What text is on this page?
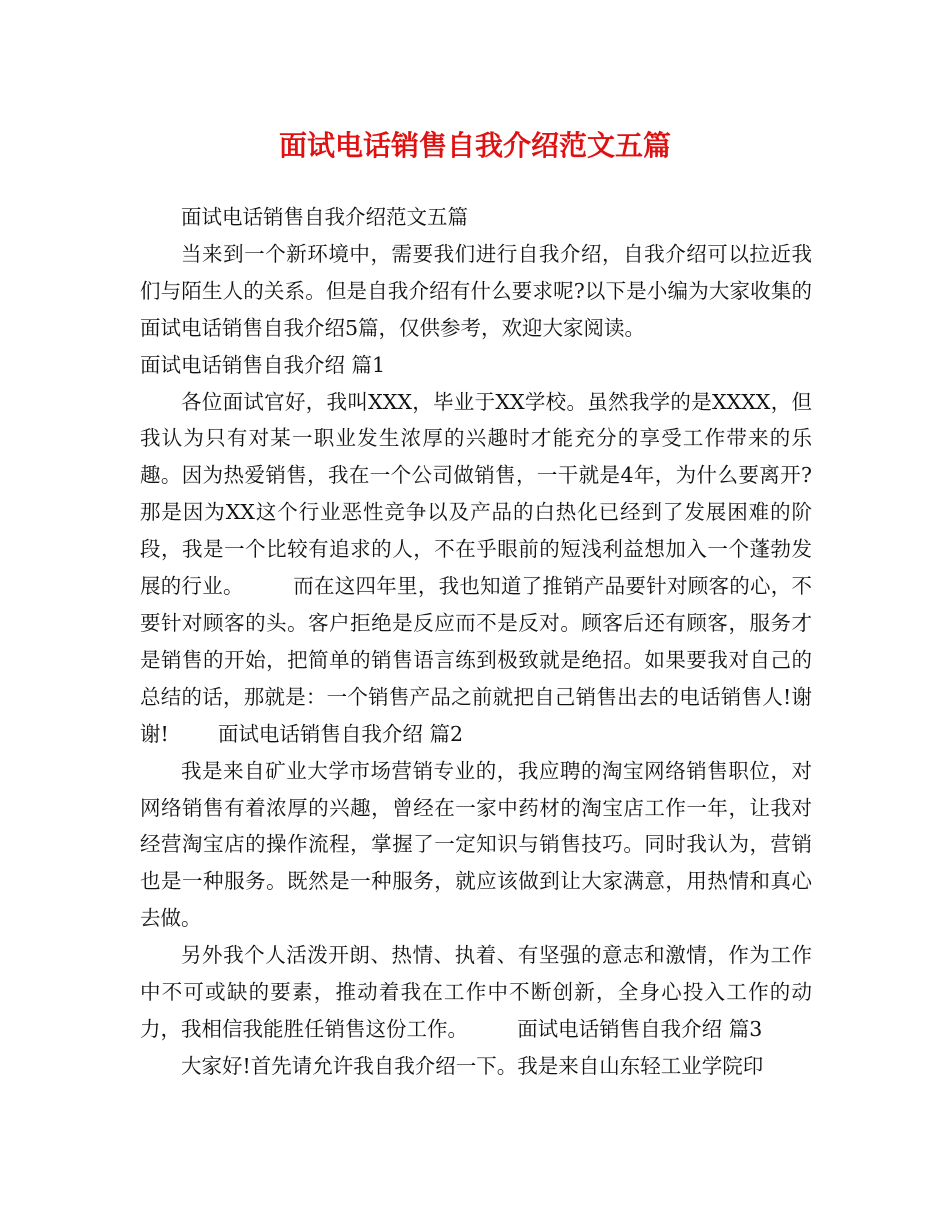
面试电话销售自我介绍范文五篇

面试电话销售自我介绍范文五篇

当来到一个新环境中，需要我们进行自我介绍，自我介绍可以拉近我们与陌生人的关系。但是自我介绍有什么要求呢?以下是小编为大家收集的面试电话销售自我介绍5篇，仅供参考，欢迎大家阅读。

面试电话销售自我介绍 篇1

各位面试官好，我叫XXX，毕业于XX学校。虽然我学的是XXXX，但我认为只有对某一职业发生浓厚的兴趣时才能充分的享受工作带来的乐趣。因为热爱销售，我在一个公司做销售，一干就是4年，为什么要离开?那是因为XX这个行业恶性竞争以及产品的白热化已经到了发展困难的阶段，我是一个比较有追求的人，不在乎眼前的短浅利益想加入一个蓬勃发展的行业。 而在这四年里，我也知道了推销产品要针对顾客的心，不要针对顾客的头。客户拒绝是反应而不是反对。顾客后还有顾客，服务才是销售的开始，把简单的销售语言练到极致就是绝招。如果要我对自己的总结的话，那就是：一个销售产品之前就把自己销售出去的电话销售人!谢谢! 面试电话销售自我介绍 篇2

我是来自矿业大学市场营销专业的，我应聘的淘宝网络销售职位，对网络销售有着浓厚的兴趣，曾经在一家中药材的淘宝店工作一年，让我对经营淘宝店的操作流程，掌握了一定知识与销售技巧。同时我认为，营销也是一种服务。既然是一种服务，就应该做到让大家满意，用热情和真心去做。

另外我个人活泼开朗、热情、执着、有坚强的意志和激情，作为工作中不可或缺的要素，推动着我在工作中不断创新，全身心投入工作的动力，我相信我能胜任销售这份工作。 面试电话销售自我介绍 篇3

大家好!首先请允许我自我介绍一下。我是来自山东轻工业学院印
